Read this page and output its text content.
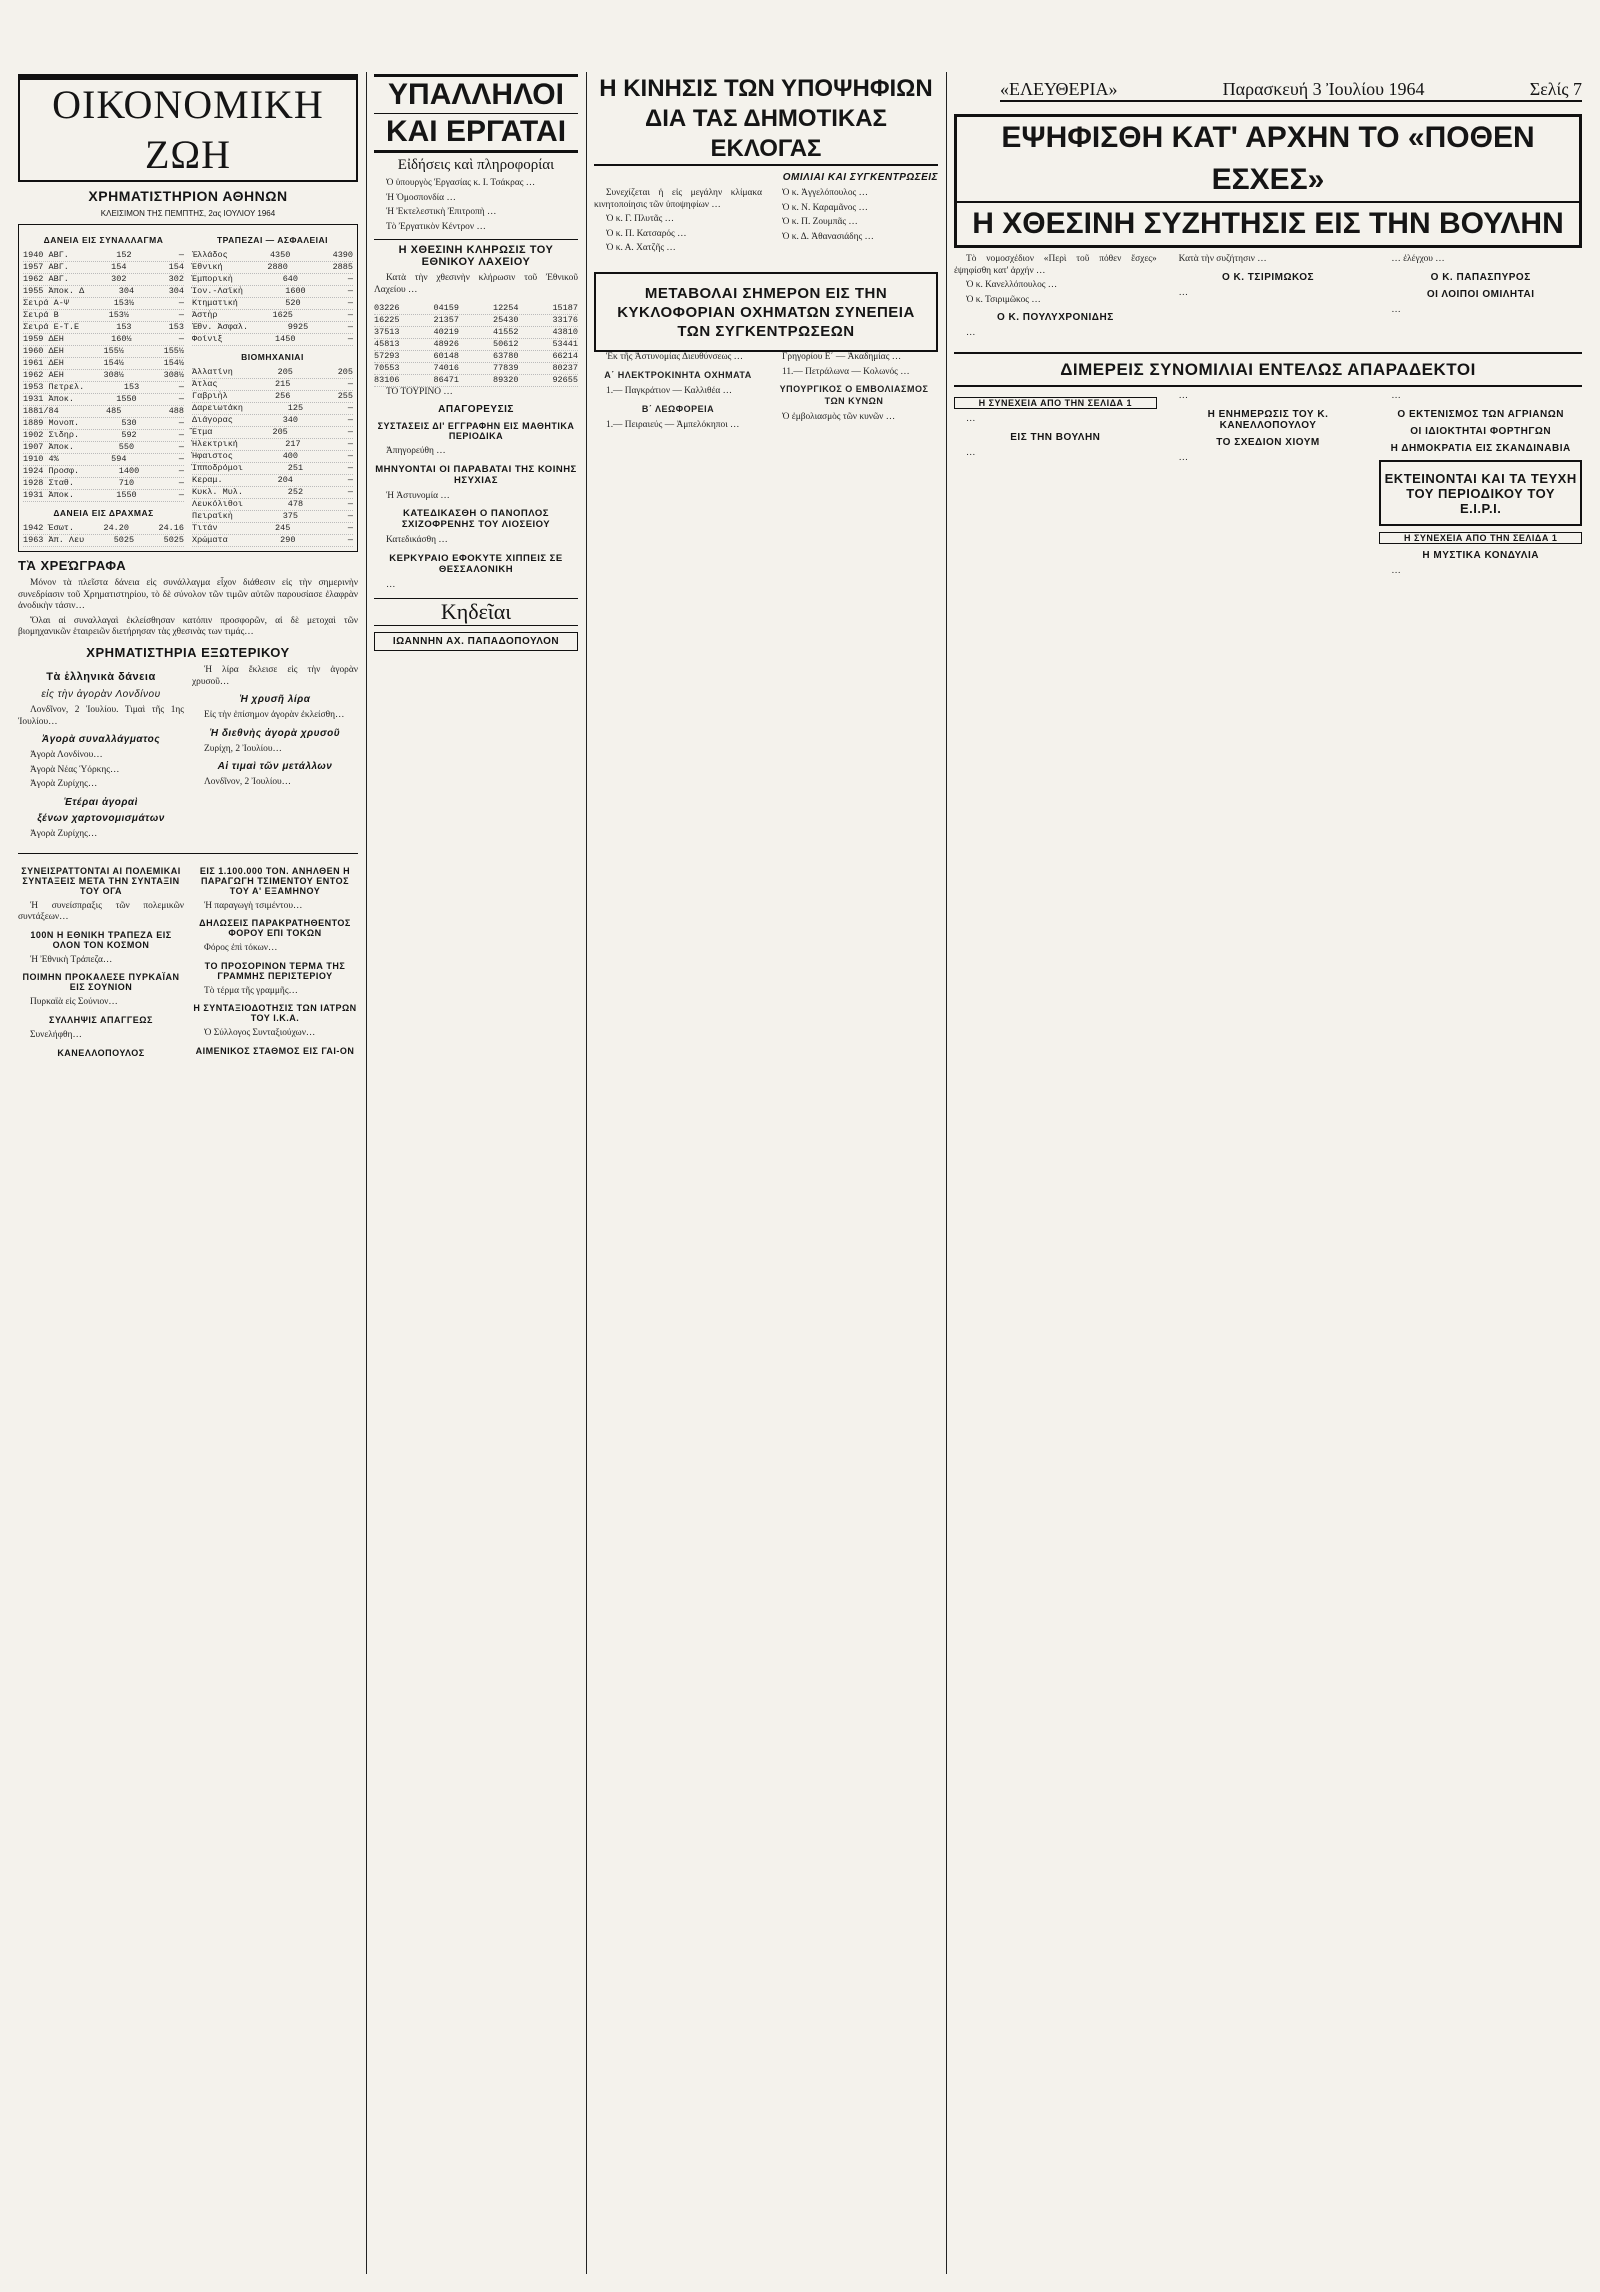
«ΕΛΕΥΘΕΡΙΑ»	Παρασκευή 3 Ἰουλίου 1964	Σελίς 7
ΟΙΚΟΝΟΜΙΚΗ ΖΩΗ
ΧΡΗΜΑΤΙΣΤΗΡΙΟΝ ΑΘΗΝΩΝ
ΚΛΕΙΣΙΜΟΝ ΤΗΣ ΠΕΜΠΤΗΣ, 2ας ΙΟΥΛΙΟΥ 1964
ΔΑΝΕΙΑ ΕΙΣ ΣΥΝΑΛΛΑΓΜΑ
1940 ΑΒΓ.	152	—
1957 ΑΒΓ.	154	154
1962 ΑΒΓ.	302	302
1955 Ἀποκ. Δ	304	304
Σειρά Α-Ψ	153½	—
Σειρά Β	153½	—
Σειρά Ε-Τ.Ε	153	153
1959 ΔΕΗ	160½	—
1960 ΔΕΗ	155½	155½
1961 ΔΕΗ	154½	154½
1962 ΑΕΗ	308½	308½
1953 Πετρελ.	153	—
1931 Ἀποκ.	1550	—
1881/84	485	488
1889 Μονοπ.	530	—
1902 Σιδηρ.	592	—
1907 Ἀποκ.	550	—
1910 4%	594	—
1924 Προσφ.	1400	—
1928 Σταθ.	710	—
1931 Ἀποκ.	1550	—
ΔΑΝΕΙΑ ΕΙΣ ΔΡΑΧΜΑΣ
1942 Ἐσωτ.	24.20	24.16
1963 Ἀπ. Λευ	5025	5025
ΤΡΑΠΕΖΑΙ — ΑΣΦΑΛΕΙΑΙ
Ἑλλάδος	4350	4390
Ἐθνική	2880	2885
Ἐμπορικὴ	640	—
Ἰον.-Λαϊκὴ	1600	—
Κτηματική	520	—
Ἀστὴρ	1625	—
Ἑθν. Ἀσφαλ.	9925	—
Φοίνιξ	1450	—
ΒΙΟΜΗΧΑΝΙΑΙ
Ἀλλατίνη	205	205
Ἀτλας	215	—
Γαβριὴλ	256	255
Δαρειωτάκη	125	—
Διάγορας	340	—
Ἔτμα	205	—
Ἡλεκτρική	217	—
Ἡφαιστος	400	—
Ἱπποδρόμοι	251	—
Κεραμ.	204	—
Κυκλ. Μυλ.	252	—
Λευκόλιθοι	478	—
Πειραϊκὴ	375	—
Τιτάν	245	—
Χρώματα	290	—
ΤᾺ ΧΡΕΏΓΡΑΦΑ

Μόνον τὰ πλεῖστα δάνεια εἰς συνάλλαγμα εἶχον διάθεσιν εἰς τὴν σημερινὴν συνεδρίασιν τοῦ Χρηματιστηρίου, τὸ δὲ σύνολον τῶν τιμῶν αὐτῶν παρουσίασε ἐλαφρὰν ἀνοδικὴν τάσιν…

Ὅλαι αἱ συναλλαγαὶ ἐκλείσθησαν κατόπιν προσφορῶν, αἱ δὲ μετοχαὶ τῶν βιομηχανικῶν ἑταιρειῶν διετήρησαν τὰς χθεσινὰς των τιμάς…

ΧΡΗΜΑΤΙΣΤΗΡΙΑ ΕΞΩΤΕΡΙΚΟΥ
Τὰ ἑλληνικὰ δάνεια
εἰς τὴν ἀγορὰν Λονδίνου

Λονδῖνον, 2 Ἰουλίου. Τιμαὶ τῆς 1ης Ἰουλίου…

Ἀγορὰ συναλλάγματος

Ἀγορὰ Λονδίνου…

Ἀγορὰ Νέας Ὑόρκης…

Ἀγορὰ Ζυρίχης…

Ἑτέραι ἀγοραὶ
ξένων χαρτονομισμάτων

Ἀγορὰ Ζυρίχης…

Ἡ λίρα ἔκλεισε εἰς τὴν ἀγορὰν χρυσοῦ…

Ἡ χρυσῆ λίρα

Εἰς τὴν ἐπίσημον ἀγορὰν ἐκλείσθη…

Ἡ διεθνὴς ἀγορὰ χρυσοῦ

Ζυρίχη, 2 Ἰουλίου…

Αἱ τιμαὶ τῶν μετάλλων

Λονδῖνον, 2 Ἰουλίου…

ΣΥΝΕΙΣΡΑΤΤΟΝΤΑΙ ΑΙ ΠΟΛΕΜΙΚΑΙ ΣΥΝΤΑΞΕΙΣ ΜΕΤΑ ΤΗΝ ΣΥΝΤΑΞΙΝ ΤΟΥ ΟΓΑ

Ἡ συνείσπραξις τῶν πολεμικῶν συντάξεων…

100Ν Η ΕΘΝΙΚΗ ΤΡΑΠΕΖΑ ΕΙΣ ΟΛΟΝ ΤΟΝ ΚΟΣΜΟΝ

Ἡ Ἐθνικὴ Τράπεζα…

ΠΟΙΜΗΝ ΠΡΟΚΑΛΕΣΕ ΠΥΡΚΑΪΑΝ ΕΙΣ ΣΟΥΝΙΟΝ

Πυρκαϊὰ εἰς Σούνιον…

ΣΥΛΛΗΨΙΣ ΑΠΑΓΓΕΩΣ

Συνελήφθη…

ΚΑΝΕΛΛΟΠΟΥΛΟΣ
ΕΙΣ 1.100.000 ΤΟΝ. ΑΝΗΛΘΕΝ Η ΠΑΡΑΓΩΓΗ ΤΣΙΜΕΝΤΟΥ ΕΝΤΟΣ ΤΟΥ Α' ΕΞΑΜΗΝΟΥ

Ἡ παραγωγὴ τσιμέντου…

ΔΗΛΩΣΕΙΣ ΠΑΡΑΚΡΑΤΗΘΕΝΤΟΣ ΦΟΡΟΥ ΕΠΙ ΤΟΚΩΝ

Φόρος ἐπὶ τόκων…

ΤΟ ΠΡΟΣΟΡΙΝΟΝ ΤΕΡΜΑ ΤΗΣ ΓΡΑΜΜΗΣ ΠΕΡΙΣΤΕΡΙΟΥ

Τὸ τέρμα τῆς γραμμῆς…

Η ΣΥΝΤΑΞΙΟΔΟΤΗΣΙΣ ΤΩΝ ΙΑΤΡΩΝ ΤΟΥ Ι.Κ.Α.

Ὁ Σύλλογος Συνταξιούχων…

ΑΙΜΕΝΙΚΟΣ ΣΤΑΘΜΟΣ ΕΙΣ ΓΑΙ-ΟΝ
ΥΠΑΛΛΗΛΟΙ
ΚΑΙ ΕΡΓΑΤΑΙ
Εἰδήσεις καὶ πληροφορίαι

Ὁ ὑπουργὸς Ἐργασίας κ. Ι. Τσάκρας …

Ἡ Ὁμοσπονδία …

Ἡ Ἐκτελεστικὴ Ἐπιτροπὴ …

Τὸ Ἐργατικὸν Κέντρον …

Η ΧΘΕΣΙΝΗ ΚΛΗΡΩΣΙΣ ΤΟΥ ΕΘΝΙΚΟΥ ΛΑΧΕΙΟΥ

Κατὰ τὴν χθεσινὴν κλήρωσιν τοῦ Ἐθνικοῦ Λαχείου …

03226	04159	12254	15187
16225	21357	25430	33176
37513	40219	41552	43810
45813	48926	50612	53441
57293	60148	63780	66214
70553	74016	77839	80237
83106	86471	89320	92655

ΤΟ ΤΟΥΡΙΝΟ …

ΑΠΑΓΟΡΕΥΣΙΣ
ΣΥΣΤΑΣΕΙΣ ΔΙ' ΕΓΓΡΑΦΗΝ ΕΙΣ ΜΑΘΗΤΙΚΑ ΠΕΡΙΟΔΙΚΑ

Ἀπηγορεύθη …

ΜΗΝΥΟΝΤΑΙ ΟΙ ΠΑΡΑΒΑΤΑΙ ΤΗΣ ΚΟΙΝΗΣ ΗΣΥΧΙΑΣ

Ἡ Ἀστυνομία …

ΚΑΤΕΔΙΚΑΣΘΗ Ο ΠΑΝΟΠΛΟΣ ΣΧΙΖΟΦΡΕΝΗΣ ΤΟΥ ΛΙΟΣΕΙΟΥ

Κατεδικάσθη …

ΚΕΡΚΥΡΑΙΟ ΕΦΟΚΥΤΕ ΧΙΠΠΕΙΣ ΣΕ ΘΕΣΣΑΛΟΝΙΚΗ

…

Κηδεῖαι
ΙΩΑΝΝΗΝ ΑΧ. ΠΑΠΑΔΟΠΟΥΛΟΝ
Η ΚΙΝΗΣΙΣ ΤΩΝ ΥΠΟΨΗΦΙΩΝ
ΔΙΑ ΤΑΣ ΔΗΜΟΤΙΚΑΣ ΕΚΛΟΓΑΣ
ΟΜΙΛΙΑΙ ΚΑΙ ΣΥΓΚΕΝΤΡΩΣΕΙΣ

Συνεχίζεται ἡ εἰς μεγάλην κλίμακα κινητοποίησις τῶν ὑποψηφίων …

Ὁ κ. Γ. Πλυτᾶς …

Ὁ κ. Π. Κατσαρός …

Ὁ κ. Α. Χατζῆς …

Ὁ κ. Ἀγγελόπουλος …

Ὁ κ. Ν. Καραμᾶνος …

Ὁ κ. Π. Ζουμπᾶς …

Ὁ κ. Δ. Ἀθανασιάδης …

ΜΕΤΑΒΟΛΑΙ ΣΗΜΕΡΟΝ ΕΙΣ ΤΗΝ ΚΥΚΛΟΦΟΡΙΑΝ ΟΧΗΜΑΤΩΝ ΣΥΝΕΠΕΙΑ ΤΩΝ ΣΥΓΚΕΝΤΡΩΣΕΩΝ

Ἐκ τῆς Ἀστυνομίας Διευθύνσεως …

Α΄ ΗΛΕΚΤΡΟΚΙΝΗΤΑ ΟΧΗΜΑΤΑ

1.— Παγκράτιον — Καλλιθέα …

Β΄ ΛΕΩΦΟΡΕΙΑ

1.— Πειραιεύς — Ἀμπελόκηποι …

Γρηγορίου Ε΄ — Ἀκαδημίας …

11.— Πετράλωνα — Κολωνός …

ΥΠΟΥΡΓΙΚΟΣ Ο ΕΜΒΟΛΙΑΣΜΟΣ ΤΩΝ ΚΥΝΩΝ

Ὁ ἐμβολιασμὸς τῶν κυνῶν …

ΕΨΗΦΙΣΘΗ ΚΑΤ' ΑΡΧΗΝ ΤΟ «ΠΟΘΕΝ ΕΣΧΕΣ»
Η ΧΘΕΣΙΝΗ ΣΥΖΗΤΗΣΙΣ ΕΙΣ ΤΗΝ ΒΟΥΛΗΝ

Τὸ νομοσχέδιον «Περὶ τοῦ πόθεν ἔσχες» ἐψηφίσθη κατ' ἀρχήν …

Ὁ κ. Κανελλόπουλος …

Ὁ κ. Τσιριμῶκος …

Ο Κ. ΠΟΥΛΥΧΡΟΝΙΔΗΣ

…

Κατὰ τὴν συζήτησιν …

Ο Κ. ΤΣΙΡΙΜΩΚΟΣ

…

… ἐλέγχου …

Ο Κ. ΠΑΠΑΣΠΥΡΟΣ
ΟΙ ΛΟΙΠΟΙ ΟΜΙΛΗΤΑΙ

…

ΔΙΜΕΡΕΙΣ ΣΥΝΟΜΙΛΙΑΙ ΕΝΤΕΛΩΣ ΑΠΑΡΑΔΕΚΤΟΙ
Η ΣΥΝΕΧΕΙΑ ΑΠΟ ΤΗΝ ΣΕΛΙΔΑ 1

…

ΕΙΣ ΤΗΝ ΒΟΥΛΗΝ

…

…

Η ΕΝΗΜΕΡΩΣΙΣ ΤΟΥ Κ. ΚΑΝΕΛΛΟΠΟΥΛΟΥ
ΤΟ ΣΧΕΔΙΟΝ ΧΙΟΥΜ

…

…

Ο ΕΚΤΕΝΙΣΜΟΣ ΤΩΝ ΑΓΡΙΑΝΩΝ
ΟΙ ΙΔΙΟΚΤΗΤΑΙ ΦΟΡΤΗΓΩΝ
Η ΔΗΜΟΚΡΑΤΙΑ ΕΙΣ ΣΚΑΝΔΙΝΑΒΙΑ
ΕΚΤΕΙΝΟΝΤΑΙ ΚΑΙ ΤΑ ΤΕΥΧΗ ΤΟΥ ΠΕΡΙΟΔΙΚΟΥ ΤΟΥ Ε.Ι.Ρ.Ι.
Η ΣΥΝΕΧΕΙΑ ΑΠΟ ΤΗΝ ΣΕΛΙΔΑ 1
Η ΜΥΣΤΙΚΑ ΚΟΝΔΥΛΙΑ

…
